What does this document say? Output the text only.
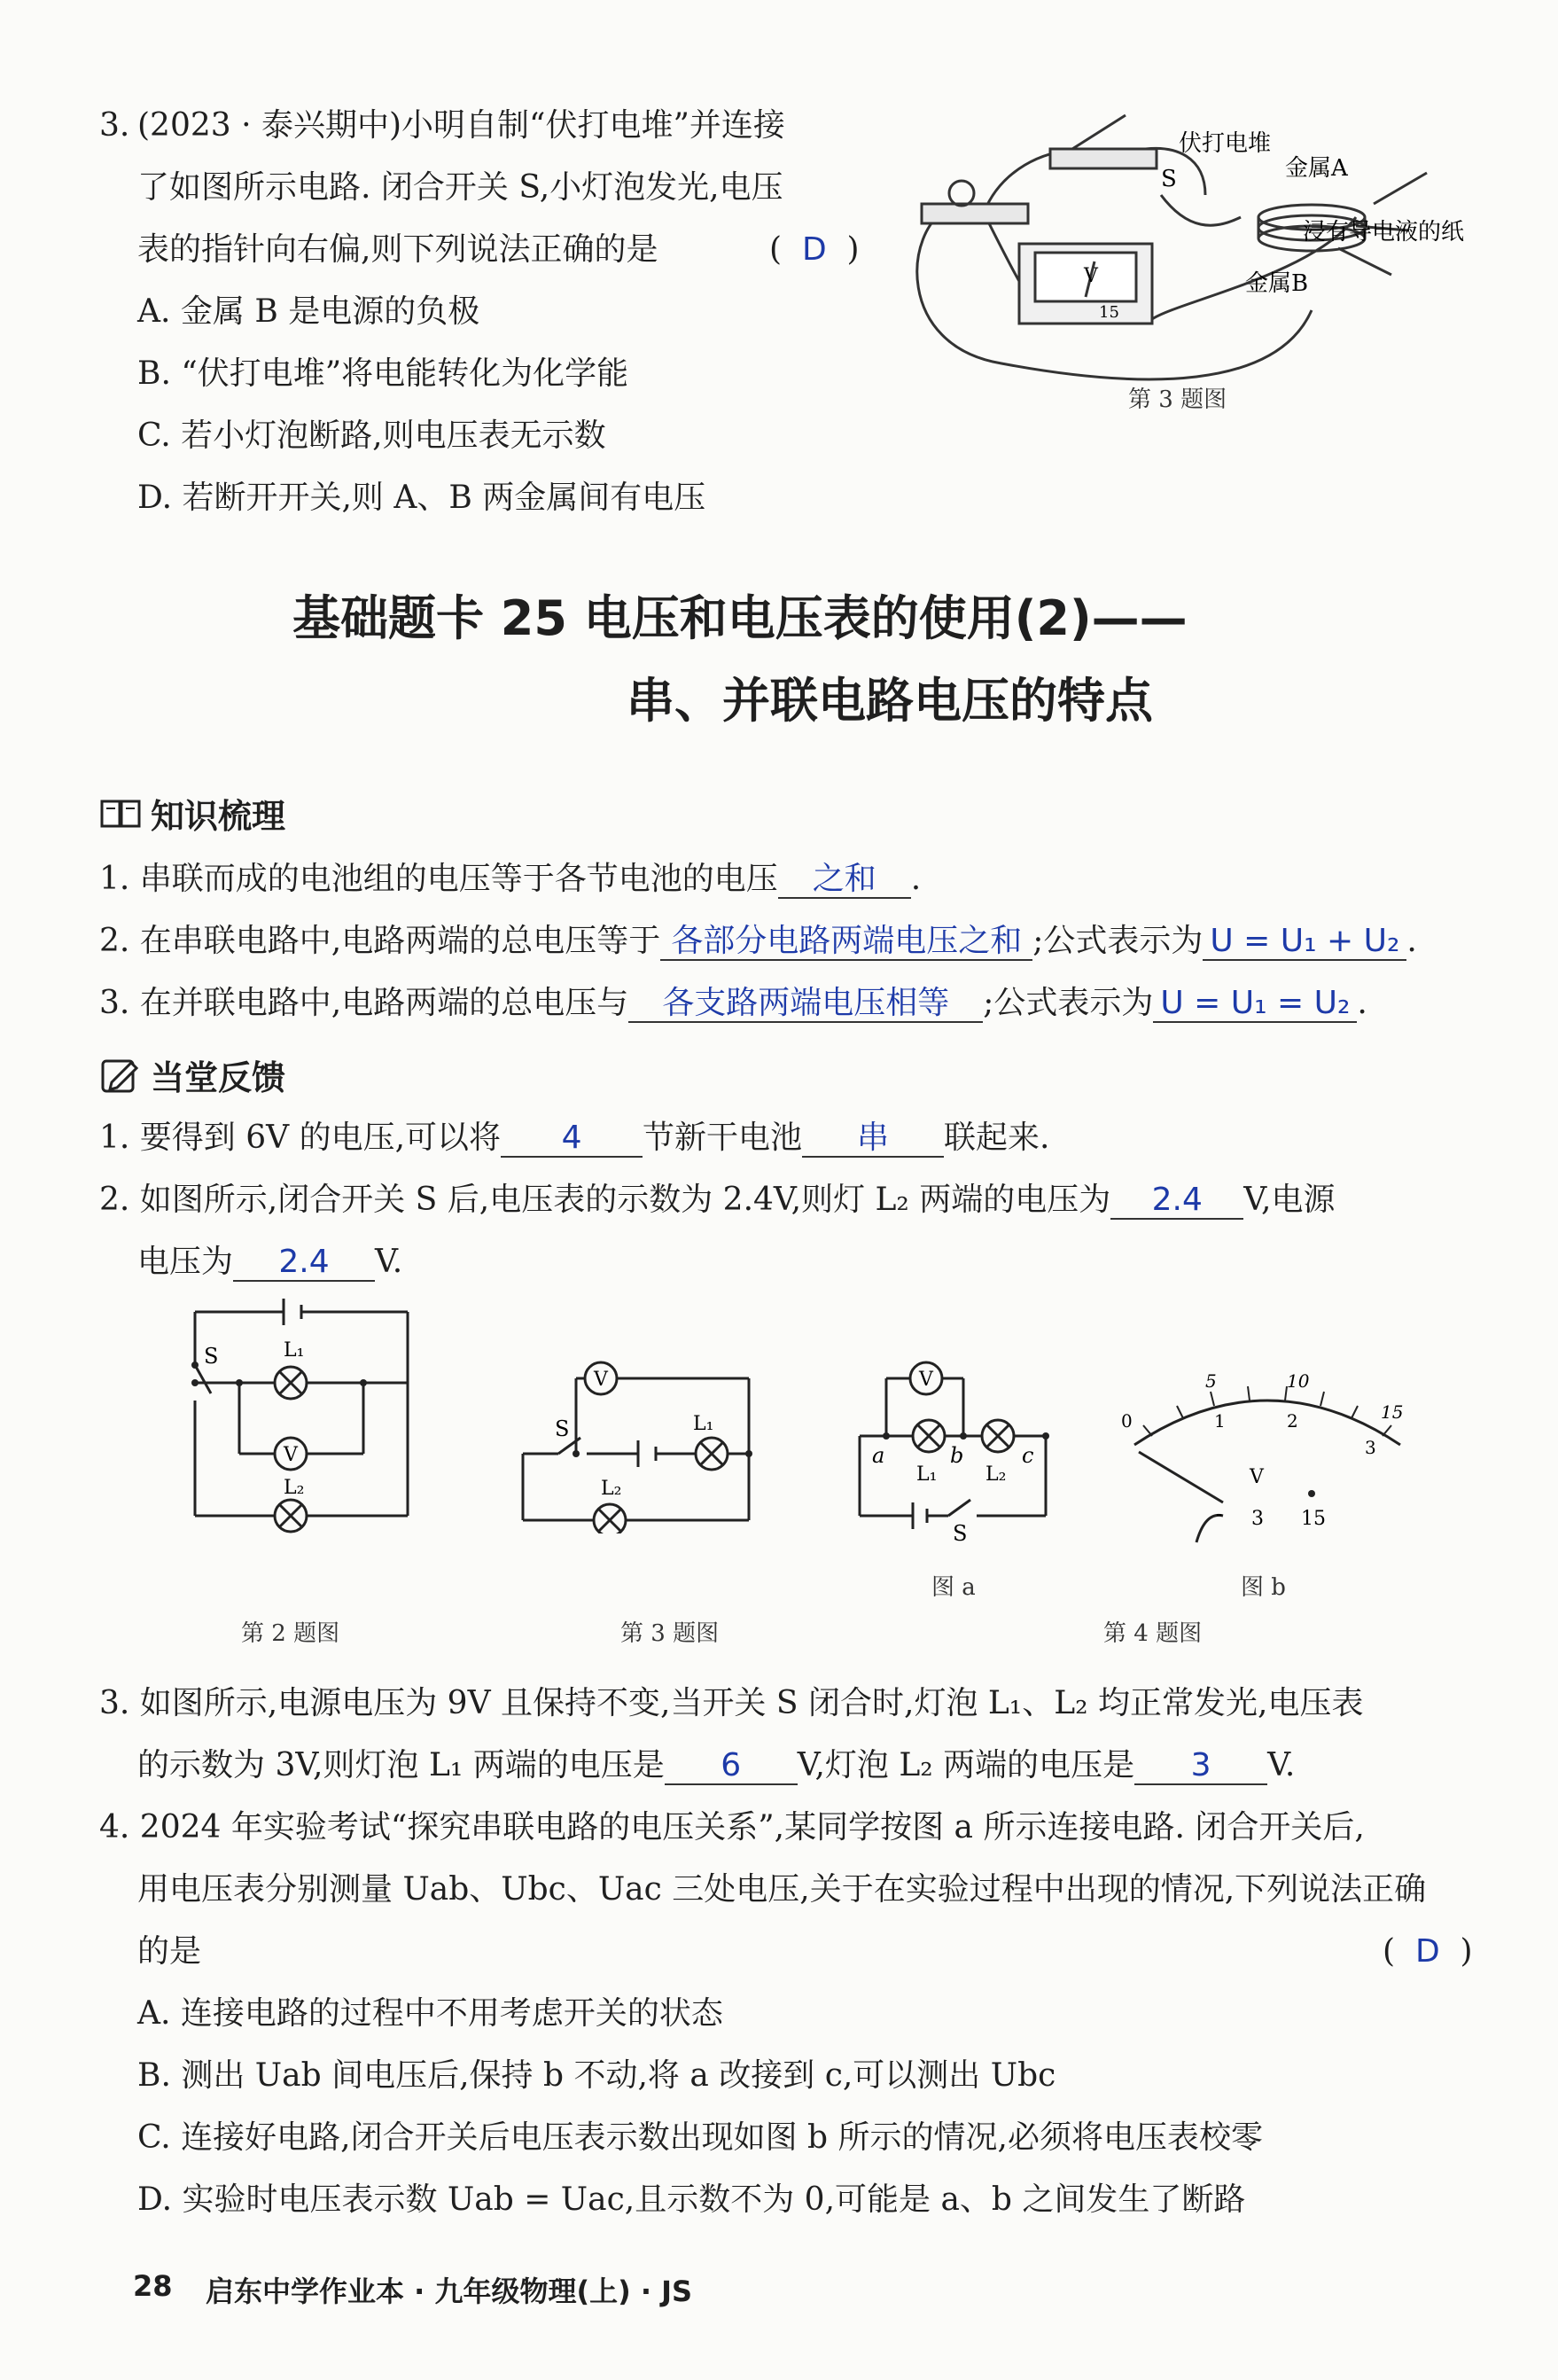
3. (2023 · 泰兴期中)小明自制“伏打电堆”并连接
了如图所示电路. 闭合开关 S,小灯泡发光,电压
表的指针向右偏,则下列说法正确的是	(  D  )
A. 金属 B 是电源的负极
B. “伏打电堆”将电能转化为化学能
C. 若小灯泡断路,则电压表无示数
D. 若断开开关,则 A、B 两金属间有电压
S
V
15
伏打电堆
金属A
浸有导电液的纸
金属B
第 3 题图
基础题卡 25 电压和电压表的使用(2)——
串、并联电路电压的特点
知识梳理
1. 串联而成的电池组的电压等于各节电池的电压 之和 .
2. 在串联电路中,电路两端的总电压等于 各部分电路两端电压之和 ;公式表示为 U = U₁ + U₂ .
3. 在并联电路中,电路两端的总电压与 各支路两端电压相等 ;公式表示为 U = U₁ = U₂ .
当堂反馈
1. 要得到 6V 的电压,可以将 4 节新干电池 串 联起来.
2. 如图所示,闭合开关 S 后,电压表的示数为 2.4V,则灯 L₂ 两端的电压为 2.4 V,电源
电压为 2.4 V.
S	L₁
V
L₂
第 2 题图
V
S	L₁
L₂
第 3 题图
V
a	b	c
L₁ L₂
S
图 a
0
5	10
15
1	2
3
V
- 3 15
图 b
第 4 题图
3. 如图所示,电源电压为 9V 且保持不变,当开关 S 闭合时,灯泡 L₁、L₂ 均正常发光,电压表
的示数为 3V,则灯泡 L₁ 两端的电压是 6 V,灯泡 L₂ 两端的电压是 3 V.
4. 2024 年实验考试“探究串联电路的电压关系”,某同学按图 a 所示连接电路. 闭合开关后,
用电压表分别测量 Uab、Ubc、Uac 三处电压,关于在实验过程中出现的情况,下列说法正确
的是	(  D  )
A. 连接电路的过程中不用考虑开关的状态
B. 测出 Uab 间电压后,保持 b 不动,将 a 改接到 c,可以测出 Ubc
C. 连接好电路,闭合开关后电压表示数出现如图 b 所示的情况,必须将电压表校零
D. 实验时电压表示数 Uab = Uac,且示数不为 0,可能是 a、b 之间发生了断路
28 启东中学作业本 · 九年级物理(上) · JS
